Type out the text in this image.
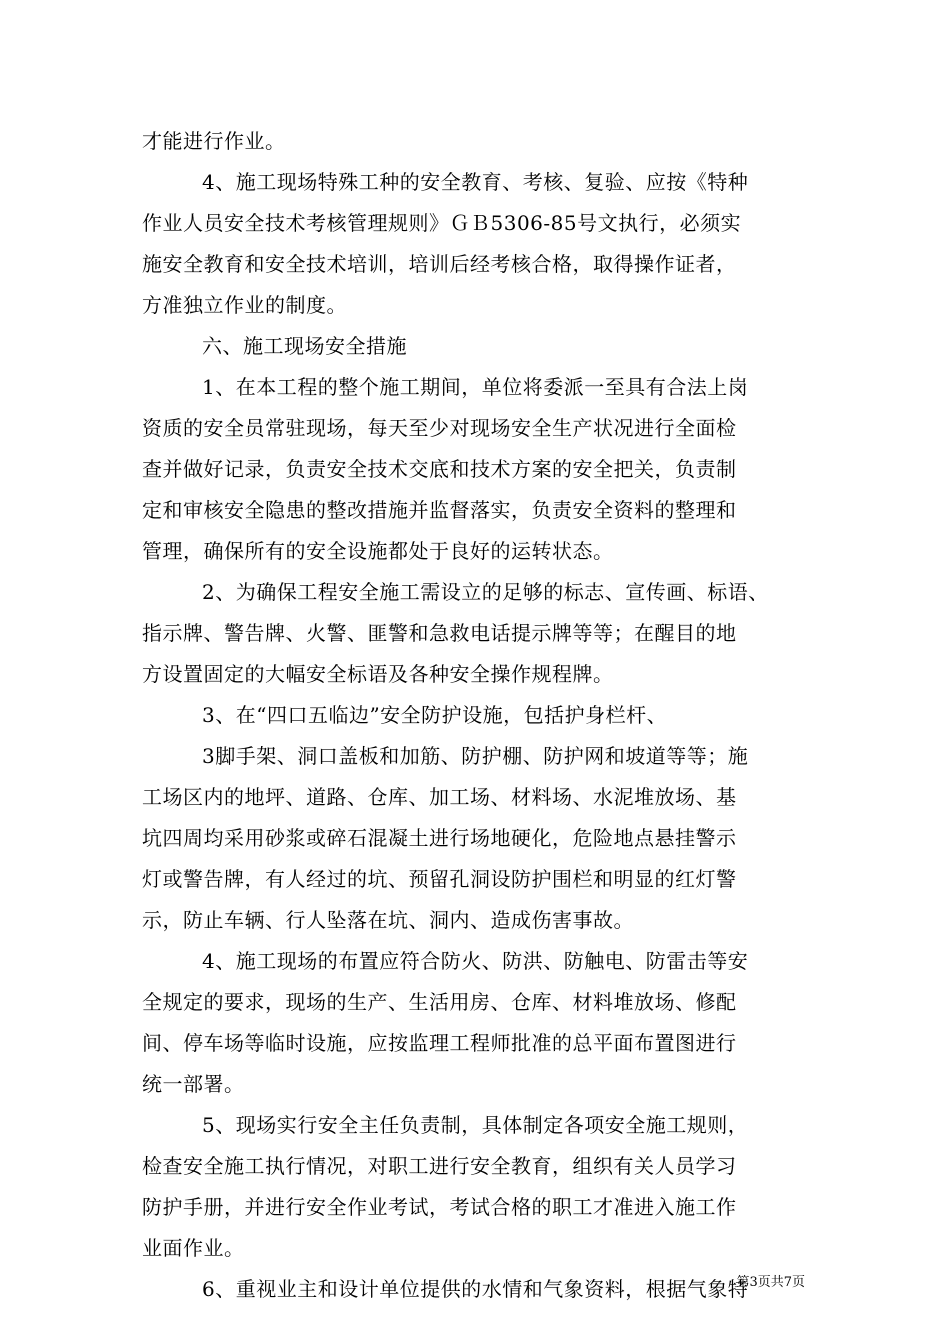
才能进行作业。
4、施工现场特殊工种的安全教育、考核、复验、应按《特种
作业人员安全技术考核管理规则》ＧＢ5306-85号文执行，必须实
施安全教育和安全技术培训，培训后经考核合格，取得操作证者，
方准独立作业的制度。
六、施工现场安全措施
1、在本工程的整个施工期间，单位将委派一至具有合法上岗
资质的安全员常驻现场，每天至少对现场安全生产状况进行全面检
查并做好记录，负责安全技术交底和技术方案的安全把关，负责制
定和审核安全隐患的整改措施并监督落实，负责安全资料的整理和
管理，确保所有的安全设施都处于良好的运转状态。
2、为确保工程安全施工需设立的足够的标志、宣传画、标语、
指示牌、警告牌、火警、匪警和急救电话提示牌等等；在醒目的地
方设置固定的大幅安全标语及各种安全操作规程牌。
3、在“四口五临边”安全防护设施，包括护身栏杆、
3脚手架、洞口盖板和加筋、防护棚、防护网和坡道等等；施
工场区内的地坪、道路、仓库、加工场、材料场、水泥堆放场、基
坑四周均采用砂浆或碎石混凝土进行场地硬化，危险地点悬挂警示
灯或警告牌，有人经过的坑、预留孔洞设防护围栏和明显的红灯警
示，防止车辆、行人坠落在坑、洞内、造成伤害事故。
4、施工现场的布置应符合防火、防洪、防触电、防雷击等安
全规定的要求，现场的生产、生活用房、仓库、材料堆放场、修配
间、停车场等临时设施，应按监理工程师批准的总平面布置图进行
统一部署。
5、现场实行安全主任负责制，具体制定各项安全施工规则，
检查安全施工执行情况，对职工进行安全教育，组织有关人员学习
防护手册，并进行安全作业考试，考试合格的职工才准进入施工作
业面作业。
6、重视业主和设计单位提供的水情和气象资料，根据气象特
第3页共7页
